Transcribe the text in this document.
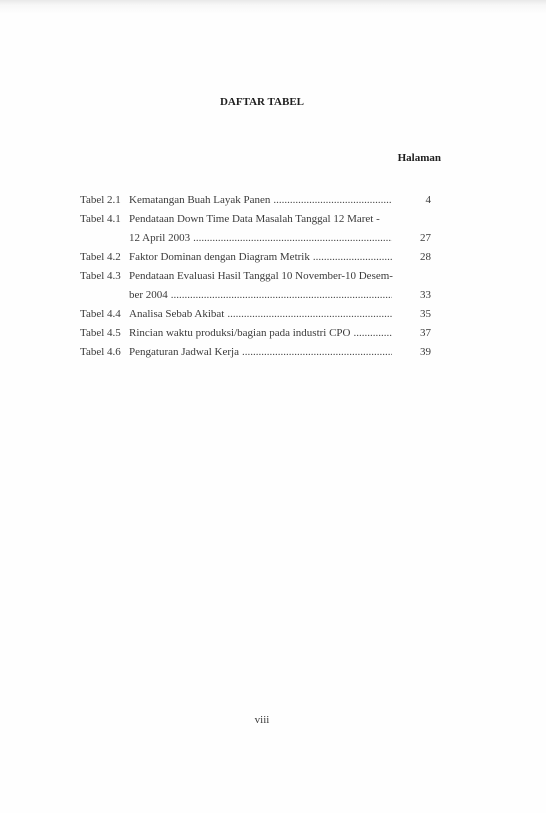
DAFTAR TABEL
Halaman
Tabel 2.1 Kematangan Buah Layak Panen .....	4
Tabel 4.1 Pendataan Down Time Data Masalah Tanggal 12 Maret -
12 April 2003 .....	27
Tabel 4.2 Faktor Dominan dengan Diagram Metrik .....	28
Tabel 4.3 Pendataan Evaluasi Hasil Tanggal 10 November-10 Desem-
ber 2004 .....	33
Tabel 4.4 Analisa Sebab Akibat .....	35
Tabel 4.5 Rincian waktu produksi/bagian pada industri CPO .....	37
Tabel 4.6 Pengaturan Jadwal Kerja .....	39
viii
